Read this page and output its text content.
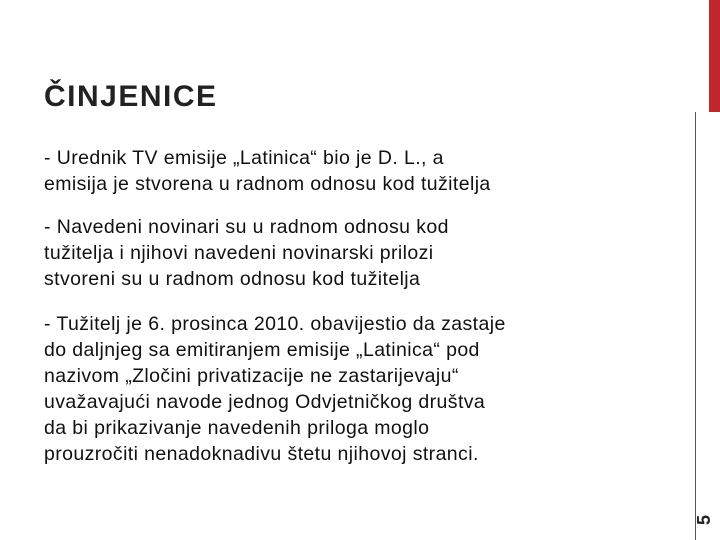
5
ČINJENICE

- Urednik TV emisije „Latinica“ bio je D. L., a
emisija je stvorena u radnom odnosu kod tužitelja

- Navedeni novinari su u radnom odnosu kod
tužitelja i njihovi navedeni novinarski prilozi
stvoreni su u radnom odnosu kod tužitelja

- Tužitelj je 6. prosinca 2010. obavijestio da zastaje
do daljnjeg sa emitiranjem emisije „Latinica“ pod
nazivom „Zločini privatizacije ne zastarijevaju“
uvažavajući navode jednog Odvjetničkog društva
da bi prikazivanje navedenih priloga moglo
prouzročiti nenadoknadivu štetu njihovoj stranci.
